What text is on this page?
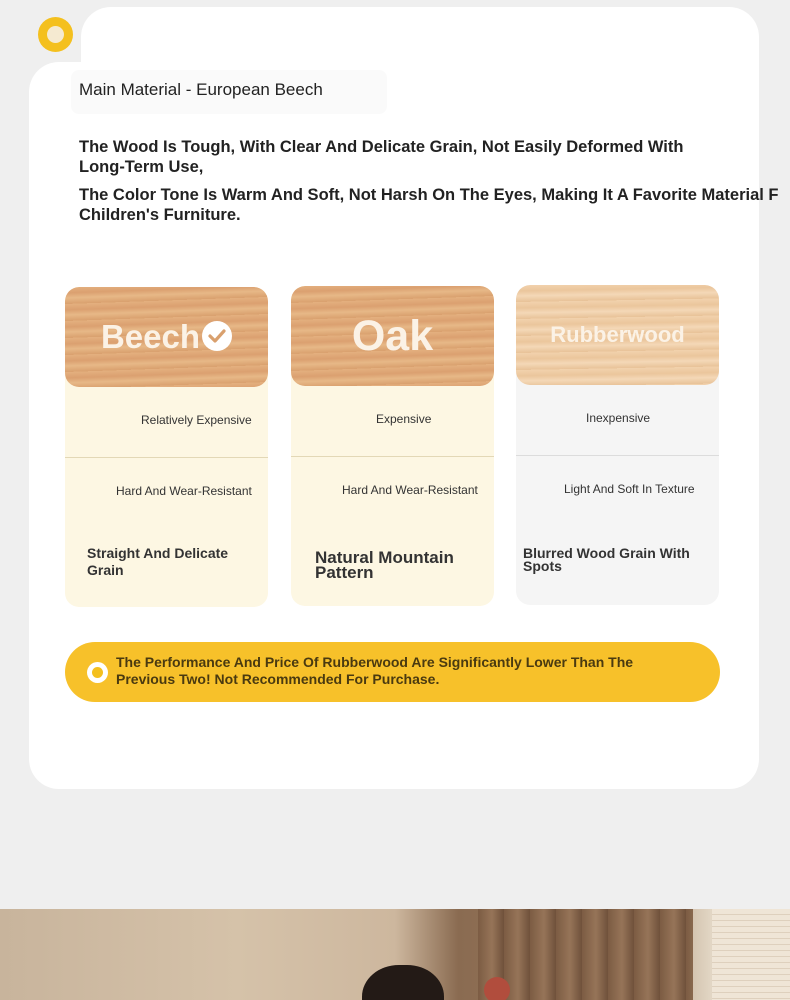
Main Material - European Beech
The Wood Is Tough, With Clear And Delicate Grain, Not Easily Deformed With
Long-Term Use,
The Color Tone Is Warm And Soft, Not Harsh On The Eyes, Making It A Favorite Material F
Children's Furniture.
Beech
Relatively Expensive
Hard And Wear-Resistant
Straight And Delicate
Grain
Oak
Expensive
Hard And Wear-Resistant
Natural Mountain
Pattern
Rubberwood
Inexpensive
Light And Soft In Texture
Blurred Wood Grain With
Spots
The Performance And Price Of Rubberwood Are Significantly Lower Than The
Previous Two! Not Recommended For Purchase.
